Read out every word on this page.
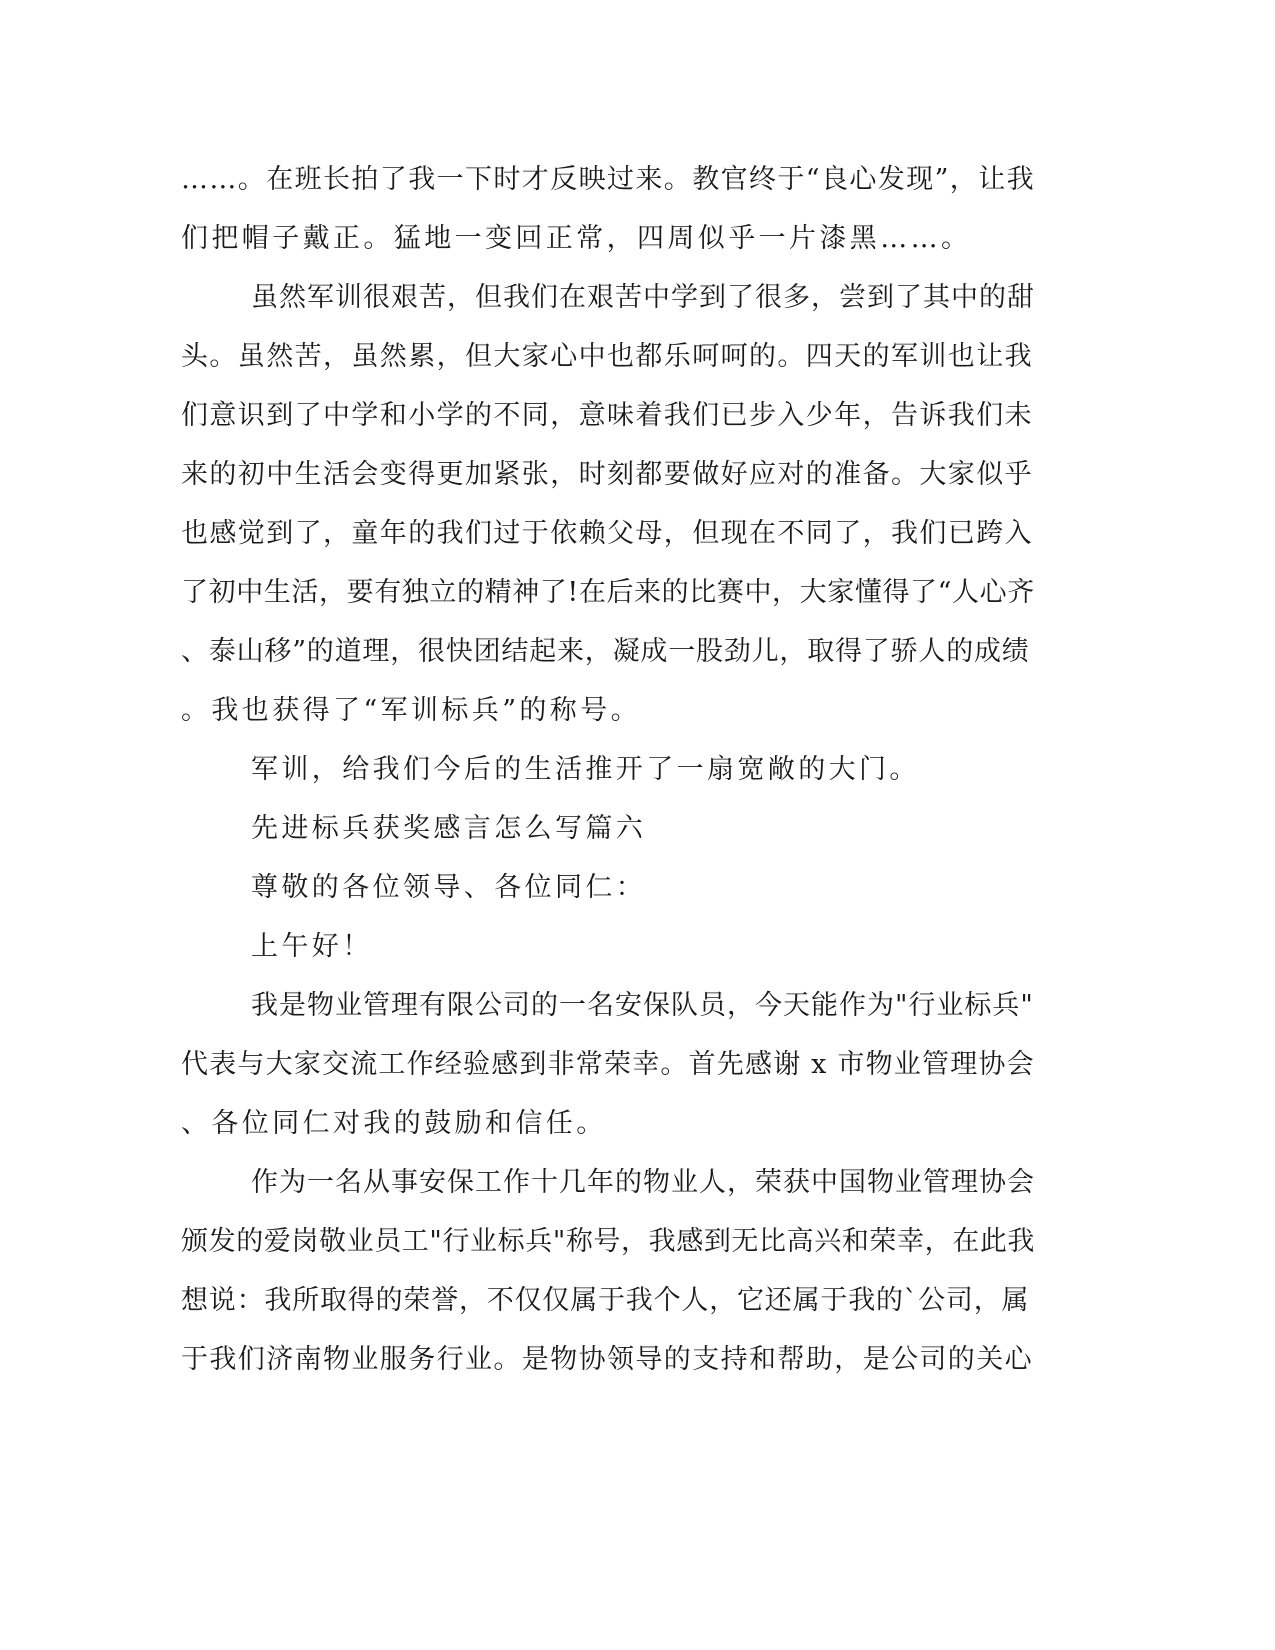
……。在班长拍了我一下时才反映过来。教官终于“良心发现”，让我
们把帽子戴正。猛地一变回正常，四周似乎一片漆黑……。
虽然军训很艰苦，但我们在艰苦中学到了很多，尝到了其中的甜
头。虽然苦，虽然累，但大家心中也都乐呵呵的。四天的军训也让我
们意识到了中学和小学的不同，意味着我们已步入少年，告诉我们未
来的初中生活会变得更加紧张，时刻都要做好应对的准备。大家似乎
也感觉到了，童年的我们过于依赖父母，但现在不同了，我们已跨入
了初中生活，要有独立的精神了!在后来的比赛中，大家懂得了“人心齐
、泰山移”的道理，很快团结起来，凝成一股劲儿，取得了骄人的成绩
。我也获得了“军训标兵”的称号。
军训，给我们今后的生活推开了一扇宽敞的大门。
先进标兵获奖感言怎么写篇六
尊敬的各位领导、各位同仁：
上午好！
我是物业管理有限公司的一名安保队员，今天能作为"行业标兵"
代表与大家交流工作经验感到非常荣幸。首先感谢 x 市物业管理协会
、各位同仁对我的鼓励和信任。
作为一名从事安保工作十几年的物业人，荣获中国物业管理协会
颁发的爱岗敬业员工"行业标兵"称号，我感到无比高兴和荣幸，在此我
想说：我所取得的荣誉，不仅仅属于我个人，它还属于我的`公司，属
于我们济南物业服务行业。是物协领导的支持和帮助，是公司的关心
